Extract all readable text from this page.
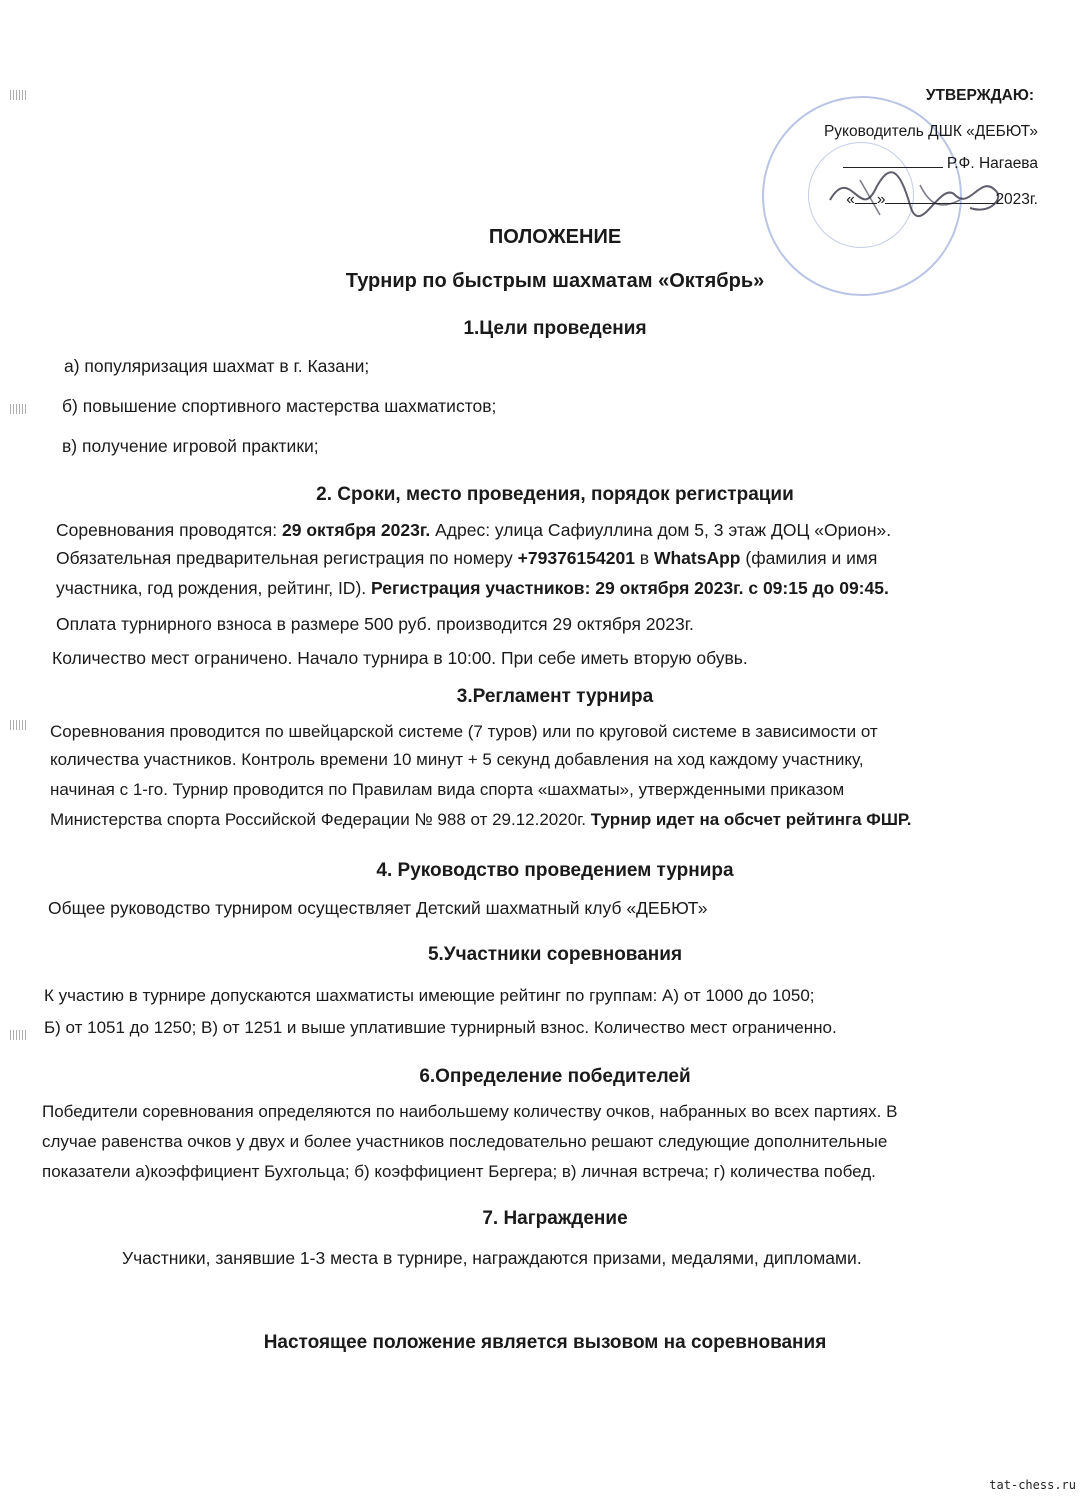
УТВЕРЖДАЮ:
Руководитель ДШК «ДЕБЮТ»
Р.Ф. Нагаева
« »	2023г.
ПОЛОЖЕНИЕ
Турнир по быстрым шахматам «Октябрь»
1.Цели проведения
а) популяризация шахмат в г. Казани;
б) повышение спортивного мастерства шахматистов;
в) получение игровой практики;
2. Сроки, место проведения, порядок регистрации
Соревнования проводятся: 29 октября 2023г. Адрес: улица Сафиуллина дом 5, 3 этаж ДОЦ «Орион».
Обязательная предварительная регистрация по номеру +79376154201 в WhatsApp (фамилия и имя
участника, год рождения, рейтинг, ID). Регистрация участников: 29 октября 2023г. с 09:15 до 09:45.
Оплата турнирного взноса в размере 500 руб. производится 29 октября 2023г.
Количество мест ограничено. Начало турнира в 10:00. При себе иметь вторую обувь.
3.Регламент турнира
Соревнования проводится по швейцарской системе (7 туров) или по круговой системе в зависимости от
количества участников. Контроль времени 10 минут + 5 секунд добавления на ход каждому участнику,
начиная с 1-го. Турнир проводится по Правилам вида спорта «шахматы», утвержденными приказом
Министерства спорта Российской Федерации № 988 от 29.12.2020г. Турнир идет на обсчет рейтинга ФШР.
4. Руководство проведением турнира
Общее руководство турниром осуществляет Детский шахматный клуб «ДЕБЮТ»
5.Участники соревнования
К участию в турнире допускаются шахматисты имеющие рейтинг по группам: А) от 1000 до 1050;
Б) от 1051 до 1250; В) от 1251 и выше уплатившие турнирный взнос. Количество мест ограниченно.
6.Определение победителей
Победители соревнования определяются по наибольшему количеству очков, набранных во всех партиях. В
случае равенства очков у двух и более участников последовательно решают следующие дополнительные
показатели а)коэффициент Бухгольца; б) коэффициент Бергера; в) личная встреча; г) количества побед.
7. Награждение
Участники, занявшие 1-3 места в турнире, награждаются призами, медалями, дипломами.
Настоящее положение является вызовом на соревнования
tat-chess.ru
